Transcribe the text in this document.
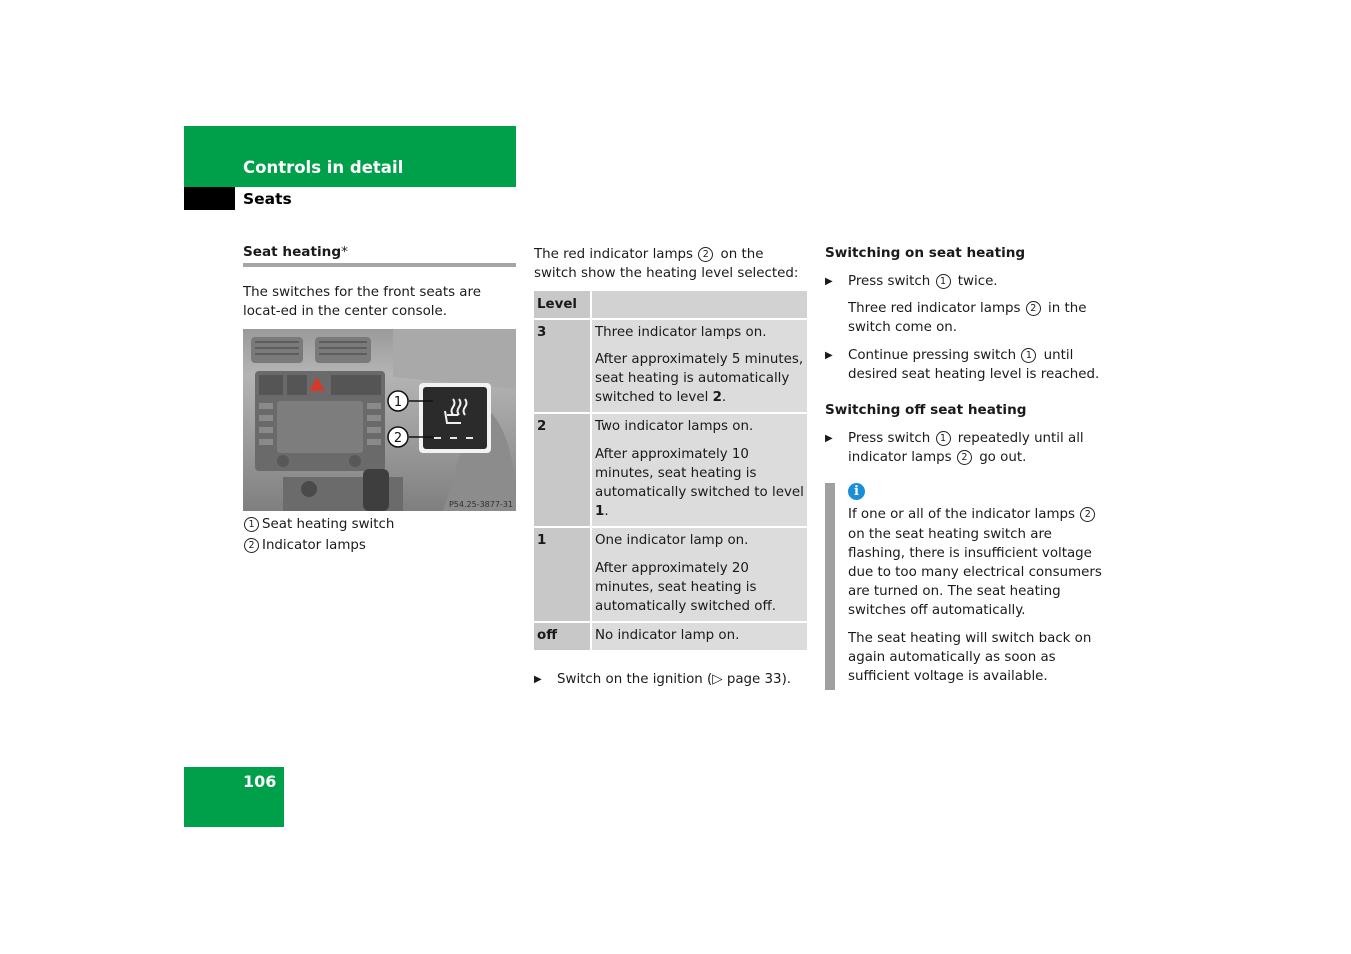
Controls in detail
Seats
Seat heating*

The switches for the front seats are locat-ed in the center console.

1
2
P54.25-3877-31
1 Seat heating switch
2 Indicator lamps

The red indicator lamps 2 on the switch show the heating level selected:

Level	
3	Three indicator lamps on.
After approximately 5 minutes, seat heating is automatically switched to level 2.

2	Two indicator lamps on.
After approximately 10 minutes, seat heating is automatically switched to level 1.

1	One indicator lamp on.
After approximately 20 minutes, seat heating is automatically switched off.

off	No indicator lamp on.
▶ Switch on the ignition (▷ page 33).
Switching on seat heating
▶ Press switch 1 twice.
Three red indicator lamps 2 in the switch come on.
▶ Continue pressing switch 1 until desired seat heating level is reached.
Switching off seat heating
▶ Press switch 1 repeatedly until all indicator lamps 2 go out.
i

If one or all of the indicator lamps 2 on the seat heating switch are flashing, there is insufficient voltage due to too many electrical consumers are turned on. The seat heating switches off automatically.

The seat heating will switch back on again automatically as soon as sufficient voltage is available.

106
